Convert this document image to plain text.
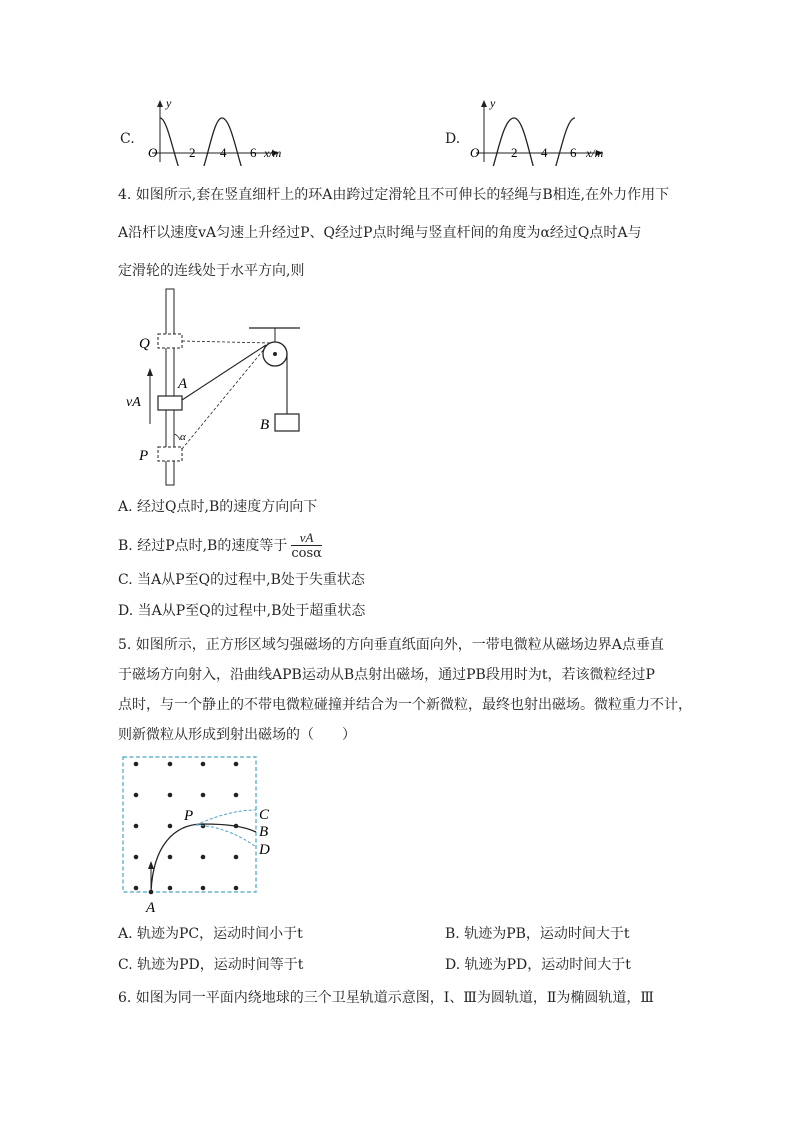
C.
y
O 2 4 6 x/m
D.
y
O 2 4 6 x/m
4. 如图所示,套在竖直细杆上的环A由跨过定滑轮且不可伸长的轻绳与B相连,在外力作用下
A沿杆以速度vA匀速上升经过P、Q经过P点时绳与竖直杆间的角度为α经过Q点时A与
定滑轮的连线处于水平方向,则
Q
A
vA
α
P
B
A. 经过Q点时,B的速度方向向下
B. 经过P点时,B的速度等于 $\frac{vA}{\cos\alpha}$
C. 当A从P至Q的过程中,B处于失重状态
D. 当A从P至Q的过程中,B处于超重状态
5. 如图所示，正方形区域匀强磁场的方向垂直纸面向外，一带电微粒从磁场边界A点垂直
于磁场方向射入，沿曲线APB运动从B点射出磁场，通过PB段用时为t，若该微粒经过P
点时，与一个静止的不带电微粒碰撞并结合为一个新微粒，最终也射出磁场。微粒重力不计，
则新微粒从形成到射出磁场的（　　）
P	C
B
D
A
A. 轨迹为PC，运动时间小于t	B. 轨迹为PB，运动时间大于t
C. 轨迹为PD，运动时间等于t	D. 轨迹为PD，运动时间大于t
6. 如图为同一平面内绕地球的三个卫星轨道示意图，Ⅰ、Ⅲ为圆轨道，Ⅱ为椭圆轨道，Ⅲ
